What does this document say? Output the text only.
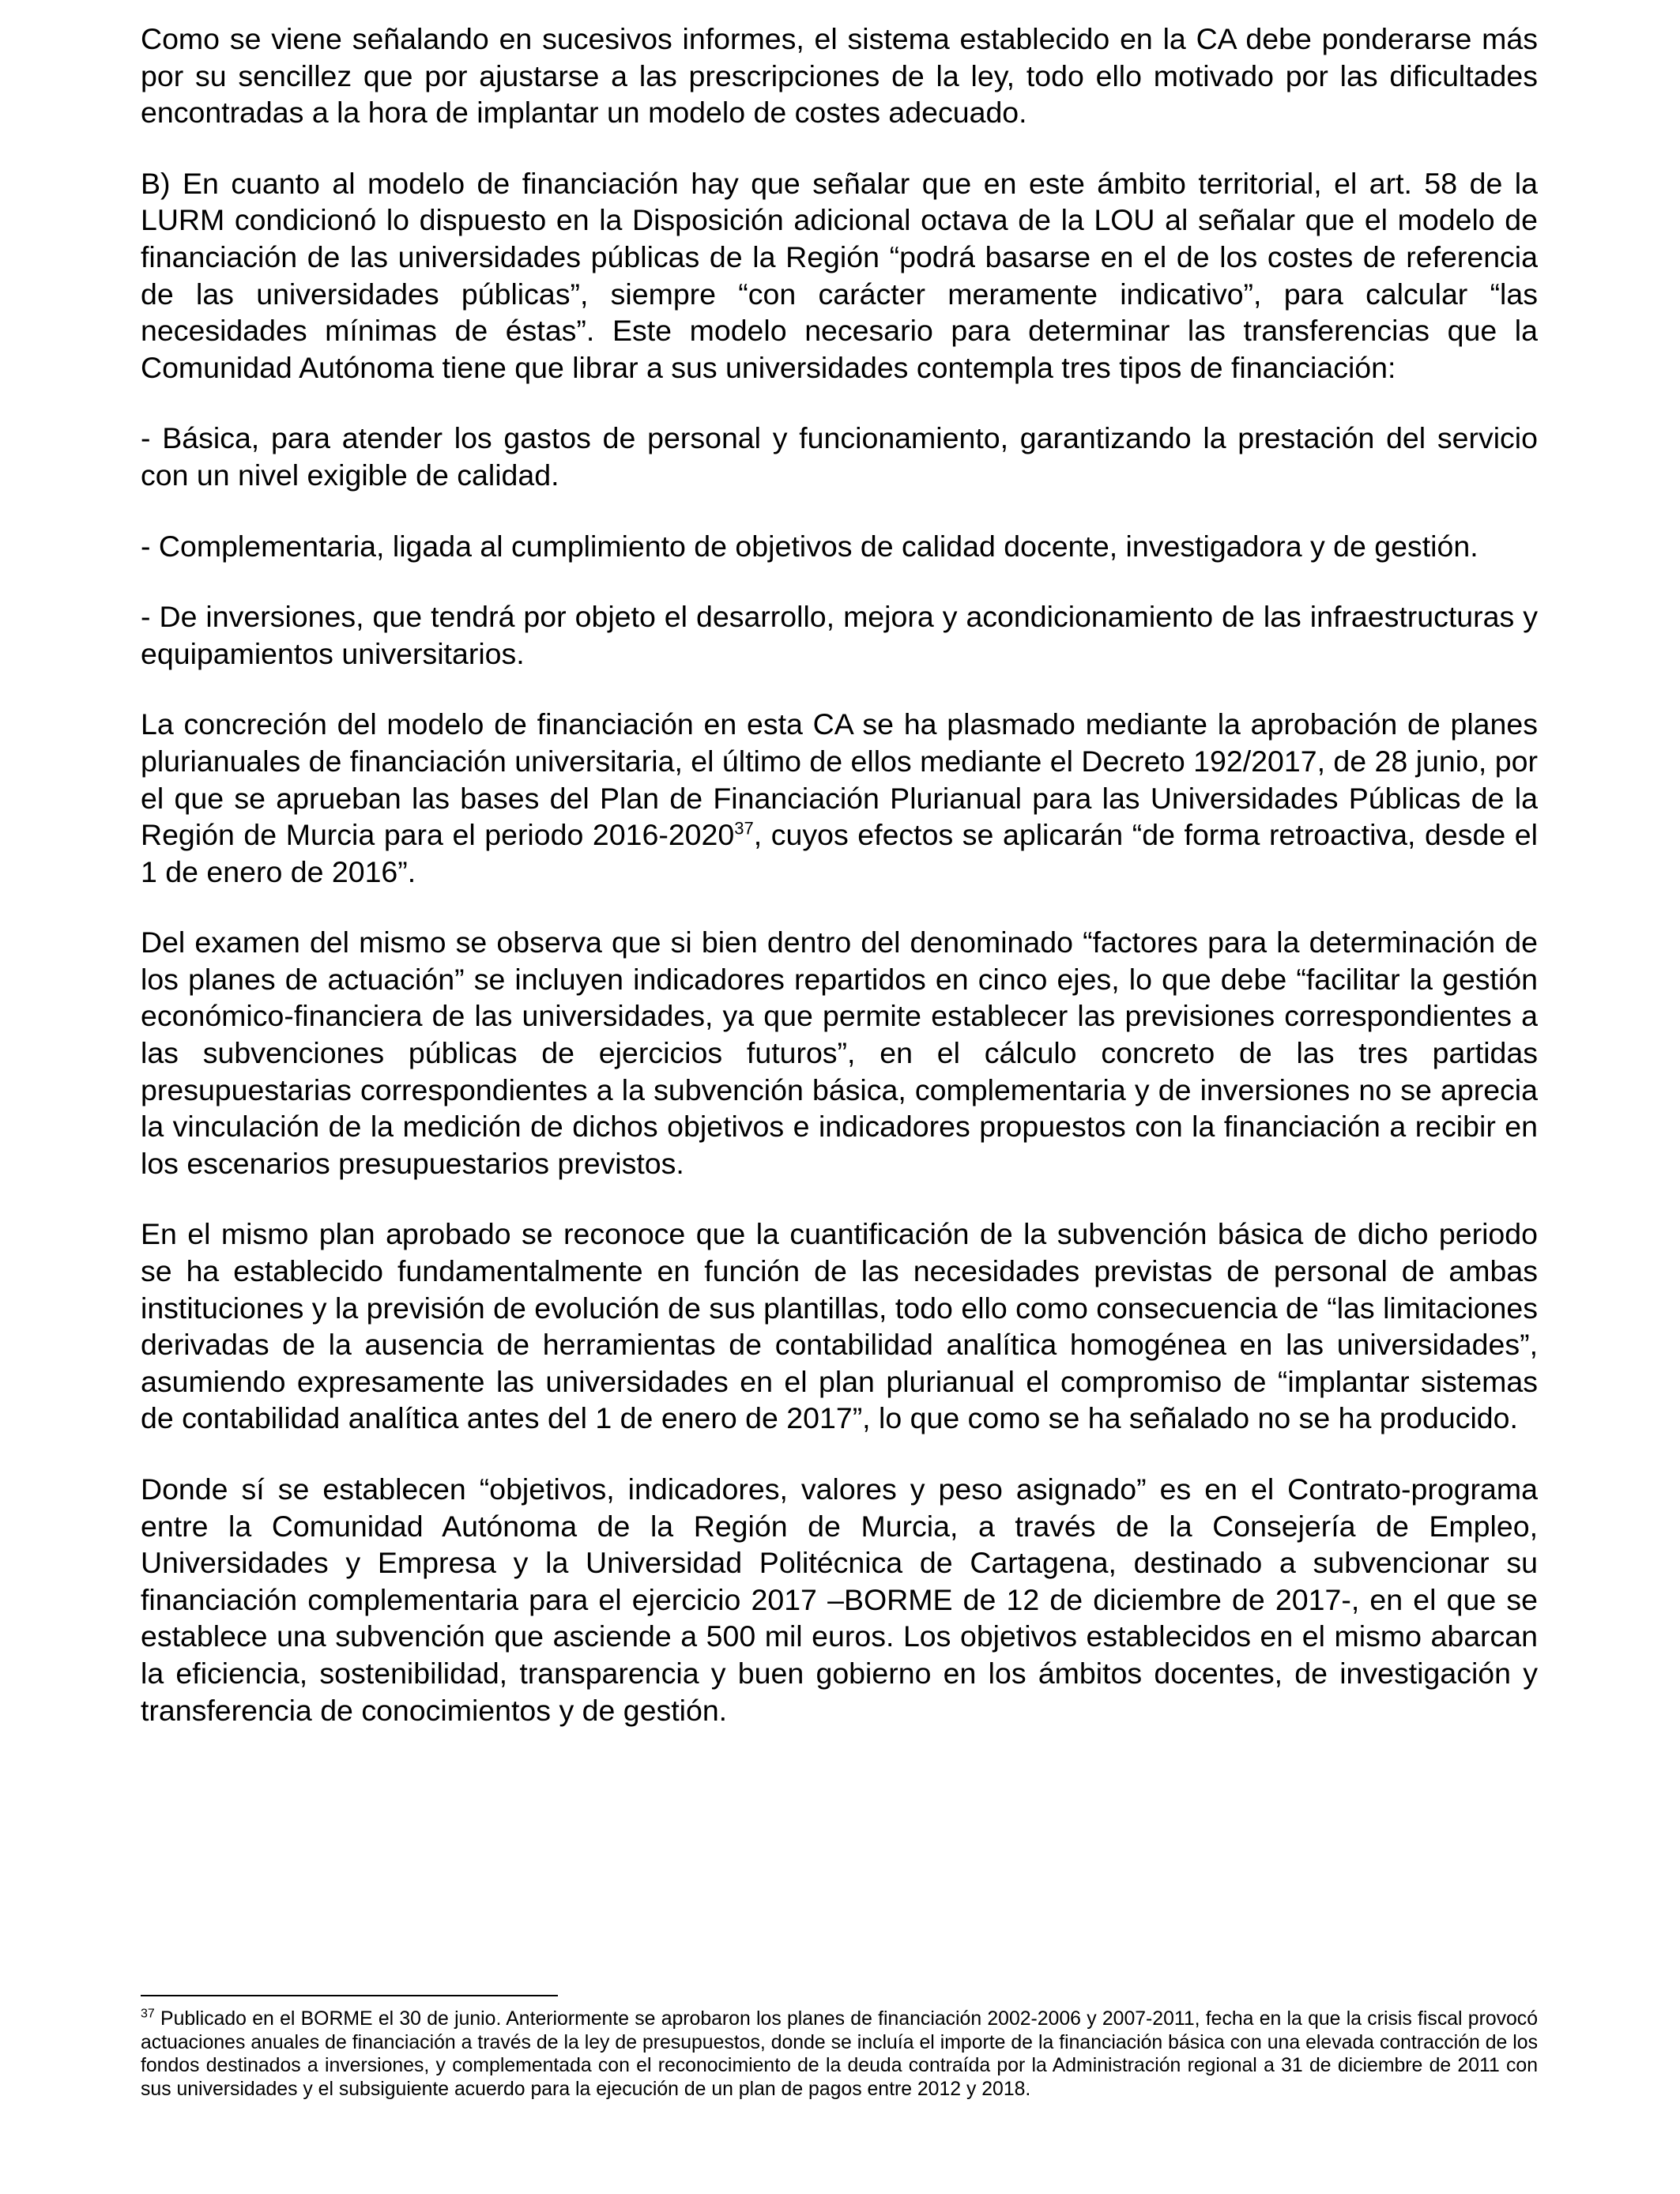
Como se viene señalando en sucesivos informes, el sistema establecido en la CA debe ponderarse más por su sencillez que por ajustarse a las prescripciones de la ley, todo ello motivado por las dificultades encontradas a la hora de implantar un modelo de costes adecuado.

B) En cuanto al modelo de financiación hay que señalar que en este ámbito territorial, el art. 58 de la LURM condicionó lo dispuesto en la Disposición adicional octava de la LOU al señalar que el modelo de financiación de las universidades públicas de la Región “podrá basarse en el de los costes de referencia de las universidades públicas”, siempre “con carácter meramente indicativo”, para calcular “las necesidades mínimas de éstas”. Este modelo necesario para determinar las transferencias que la Comunidad Autónoma tiene que librar a sus universidades contempla tres tipos de financiación:

- Básica, para atender los gastos de personal y funcionamiento, garantizando la prestación del servicio con un nivel exigible de calidad.

- Complementaria, ligada al cumplimiento de objetivos de calidad docente, investigadora y de gestión.

- De inversiones, que tendrá por objeto el desarrollo, mejora y acondicionamiento de las infraestructuras y equipamientos universitarios.

La concreción del modelo de financiación en esta CA se ha plasmado mediante la aprobación de planes plurianuales de financiación universitaria, el último de ellos mediante el Decreto 192/2017, de 28 junio, por el que se aprueban las bases del Plan de Financiación Plurianual para las Universidades Públicas de la Región de Murcia para el periodo 2016-2020$^{37}$, cuyos efectos se aplicarán “de forma retroactiva, desde el 1 de enero de 2016”.

Del examen del mismo se observa que si bien dentro del denominado “factores para la determinación de los planes de actuación” se incluyen indicadores repartidos en cinco ejes, lo que debe “facilitar la gestión económico-financiera de las universidades, ya que permite establecer las previsiones correspondientes a las subvenciones públicas de ejercicios futuros”, en el cálculo concreto de las tres partidas presupuestarias correspondientes a la subvención básica, complementaria y de inversiones no se aprecia la vinculación de la medición de dichos objetivos e indicadores propuestos con la financiación a recibir en los escenarios presupuestarios previstos.

En el mismo plan aprobado se reconoce que la cuantificación de la subvención básica de dicho periodo se ha establecido fundamentalmente en función de las necesidades previstas de personal de ambas instituciones y la previsión de evolución de sus plantillas, todo ello como consecuencia de “las limitaciones derivadas de la ausencia de herramientas de contabilidad analítica homogénea en las universidades”, asumiendo expresamente las universidades en el plan plurianual el compromiso de “implantar sistemas de contabilidad analítica antes del 1 de enero de 2017”, lo que como se ha señalado no se ha producido.

Donde sí se establecen “objetivos, indicadores, valores y peso asignado” es en el Contrato-programa entre la Comunidad Autónoma de la Región de Murcia, a través de la Consejería de Empleo, Universidades y Empresa y la Universidad Politécnica de Cartagena, destinado a subvencionar su financiación complementaria para el ejercicio 2017 –BORME de 12 de diciembre de 2017-, en el que se establece una subvención que asciende a 500 mil euros. Los objetivos establecidos en el mismo abarcan la eficiencia, sostenibilidad, transparencia y buen gobierno en los ámbitos docentes, de investigación y transferencia de conocimientos y de gestión.

$^{37}$ Publicado en el BORME el 30 de junio. Anteriormente se aprobaron los planes de financiación 2002-2006 y 2007-2011, fecha en la que la crisis fiscal provocó actuaciones anuales de financiación a través de la ley de presupuestos, donde se incluía el importe de la financiación básica con una elevada contracción de los fondos destinados a inversiones, y complementada con el reconocimiento de la deuda contraída por la Administración regional a 31 de diciembre de 2011 con sus universidades y el subsiguiente acuerdo para la ejecución de un plan de pagos entre 2012 y 2018.
